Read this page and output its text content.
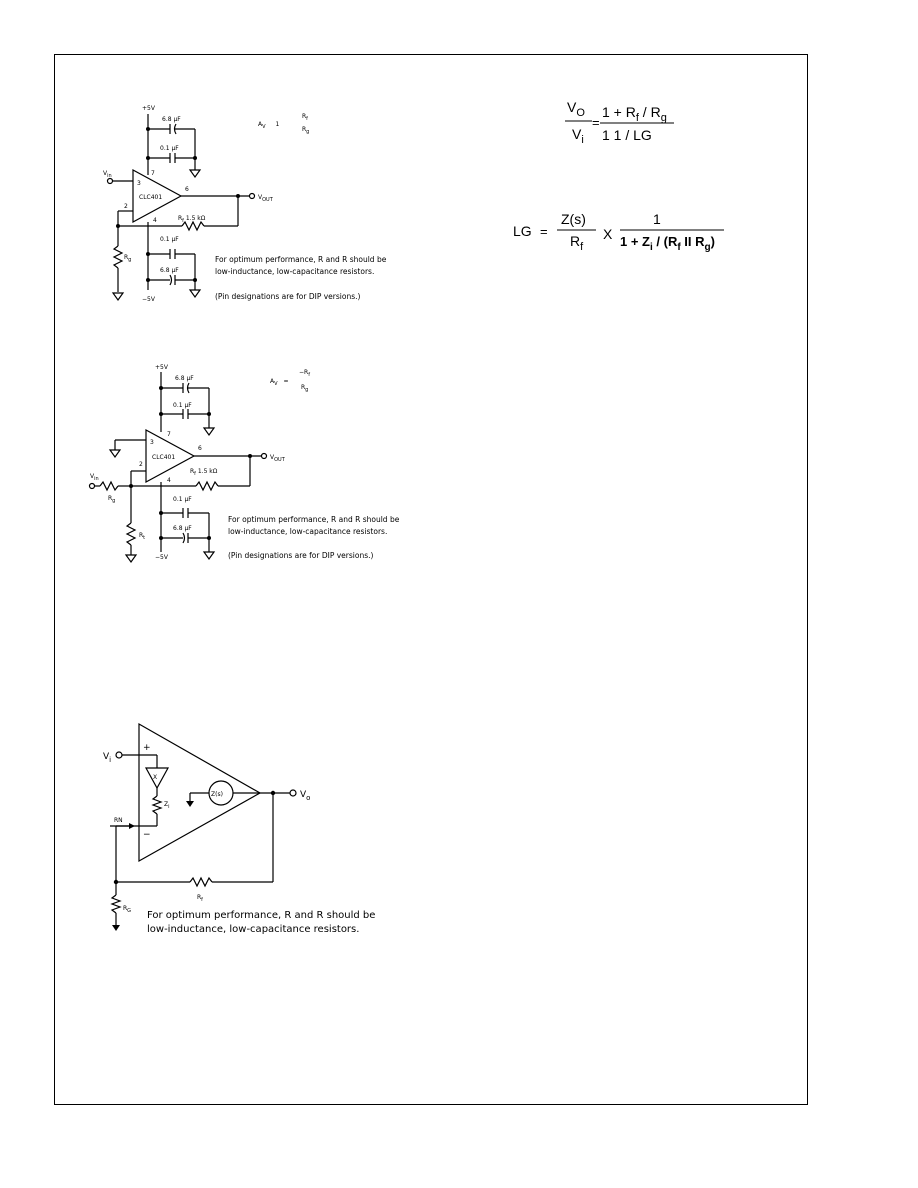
+5V
6.8 µF
0.1 µF
3
CLC401
7
6
4
2
$V_{in}$
$V_{OUT}$
$R_f$ 1.5 kΩ
$R_g$
0.1 µF
6.8 µF
−5V
$A_V$ 1
$R_f$
$R_g$
For optimum performance, R and R should be
low-inductance, low-capacitance resistors.
(Pin designations are for DIP versions.)
+5V
6.8 µF
0.1 µF
3
CLC401
7
6
4
2
$V_{OUT}$
$R_f$ 1.5 kΩ
$V_{in}$
$R_g$
$R_t$
0.1 µF
6.8 µF
−5V
$A_V$ =
$-R_f$
$R_g$
For optimum performance, R and R should be
low-inductance, low-capacitance resistors.
(Pin designations are for DIP versions.)
+
−
$V_i$
X
$Z_i$
RN
Z(s)	$V_o$
$R_f$
$R_G$ For optimum performance, R and R should be
low-inductance, low-capacitance resistors.
$V_O$
$V_i$
=
$1 + R_f / R_g$
1 1 / LG
LG =
Z(s)
$R_f$
X
1
$1 + Z_i / (R_f$ II $R_g$)
